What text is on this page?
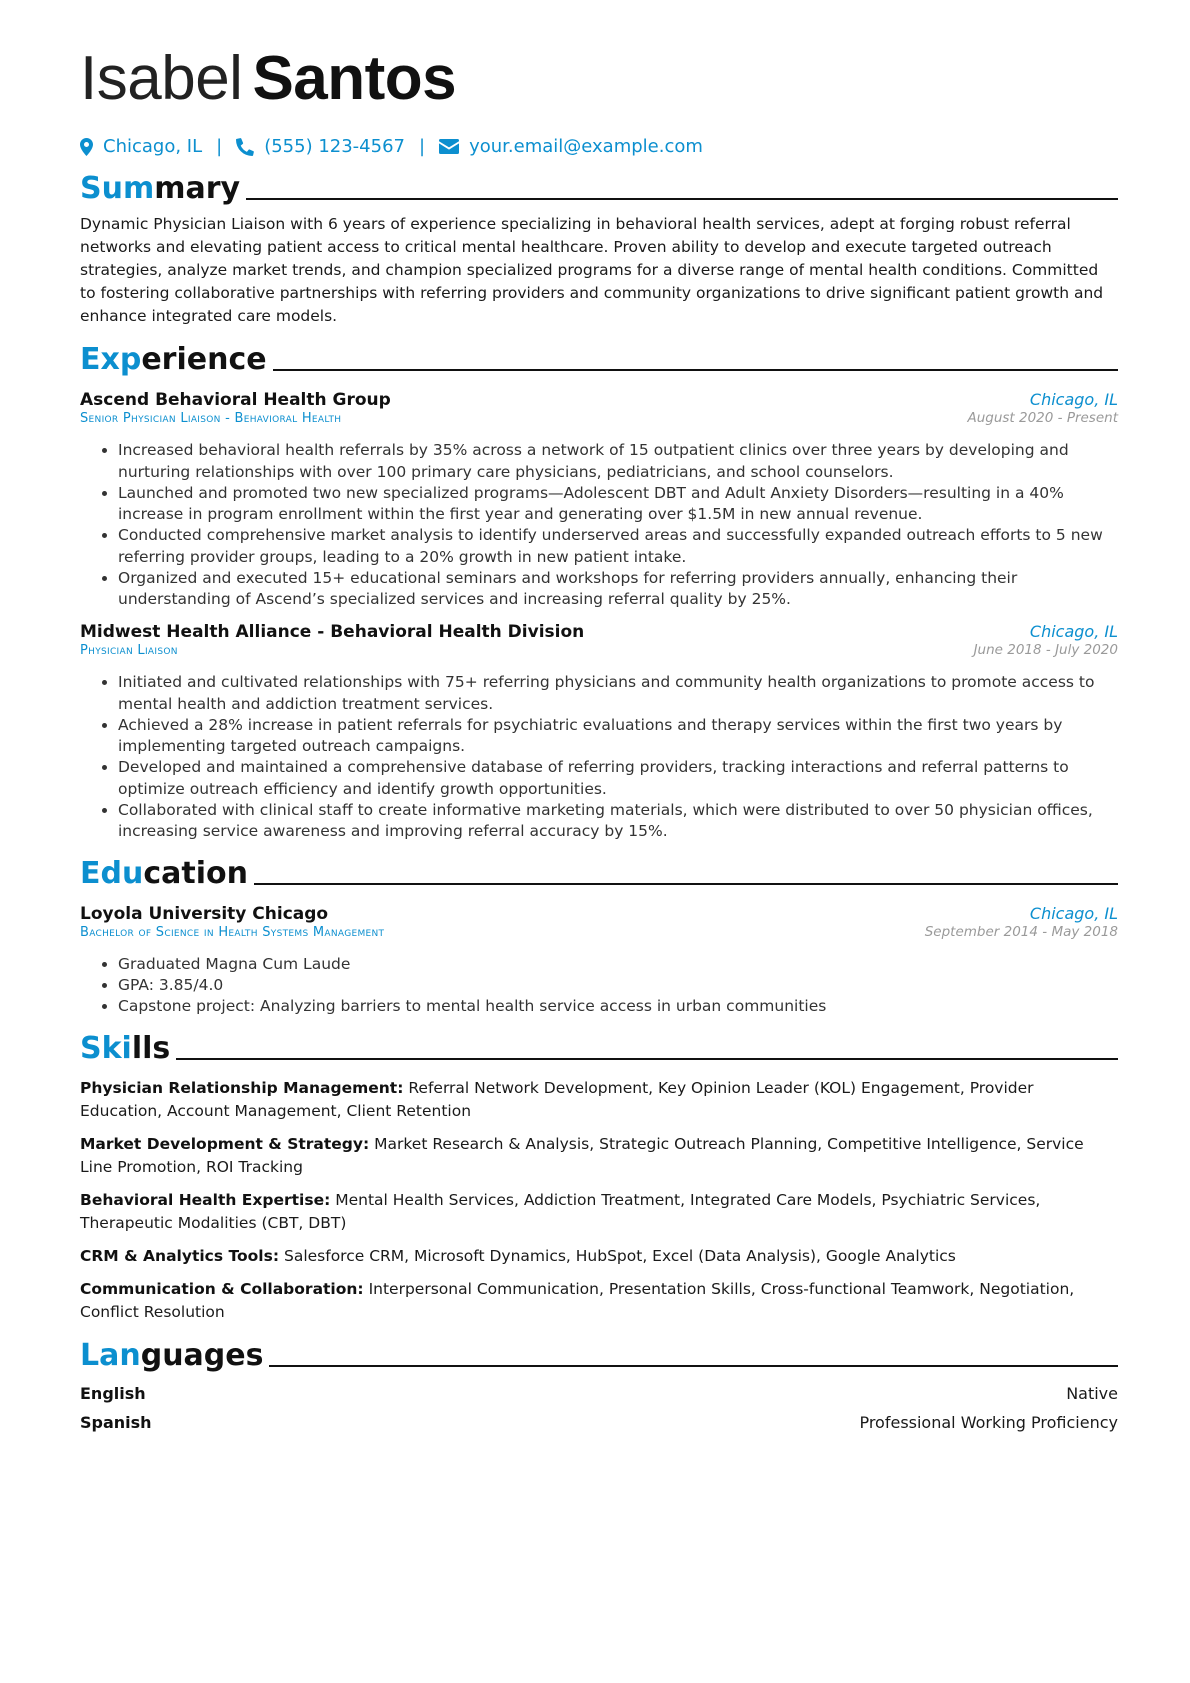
Isabel Santos
Chicago, IL | (555) 123-4567 | your.email@example.com
Summary

Dynamic Physician Liaison with 6 years of experience specializing in behavioral health services, adept at forging robust referral networks and elevating patient access to critical mental healthcare. Proven ability to develop and execute targeted outreach strategies, analyze market trends, and champion specialized programs for a diverse range of mental health conditions. Committed to fostering collaborative partnerships with referring providers and community organizations to drive significant patient growth and enhance integrated care models.

Experience
Ascend Behavioral Health Group	Chicago, IL
Senior Physician Liaison - Behavioral Health	August 2020 - Present
• Increased behavioral health referrals by 35% across a network of 15 outpatient clinics over three years by developing and nurturing relationships with over 100 primary care physicians, pediatricians, and school counselors.
• Launched and promoted two new specialized programs—Adolescent DBT and Adult Anxiety Disorders—resulting in a 40% increase in program enrollment within the first year and generating over $1.5M in new annual revenue.
• Conducted comprehensive market analysis to identify underserved areas and successfully expanded outreach efforts to 5 new referring provider groups, leading to a 20% growth in new patient intake.
• Organized and executed 15+ educational seminars and workshops for referring providers annually, enhancing their understanding of Ascend’s specialized services and increasing referral quality by 25%.
Midwest Health Alliance - Behavioral Health Division	Chicago, IL
Physician Liaison	June 2018 - July 2020
• Initiated and cultivated relationships with 75+ referring physicians and community health organizations to promote access to mental health and addiction treatment services.
• Achieved a 28% increase in patient referrals for psychiatric evaluations and therapy services within the first two years by implementing targeted outreach campaigns.
• Developed and maintained a comprehensive database of referring providers, tracking interactions and referral patterns to optimize outreach efficiency and identify growth opportunities.
• Collaborated with clinical staff to create informative marketing materials, which were distributed to over 50 physician offices, increasing service awareness and improving referral accuracy by 15%.
Education
Loyola University Chicago	Chicago, IL
Bachelor of Science in Health Systems Management	September 2014 - May 2018
• Graduated Magna Cum Laude
• GPA: 3.85/4.0
• Capstone project: Analyzing barriers to mental health service access in urban communities
Skills
Physician Relationship Management: Referral Network Development, Key Opinion Leader (KOL) Engagement, Provider Education, Account Management, Client Retention
Market Development & Strategy: Market Research & Analysis, Strategic Outreach Planning, Competitive Intelligence, Service Line Promotion, ROI Tracking
Behavioral Health Expertise: Mental Health Services, Addiction Treatment, Integrated Care Models, Psychiatric Services, Therapeutic Modalities (CBT, DBT)
CRM & Analytics Tools: Salesforce CRM, Microsoft Dynamics, HubSpot, Excel (Data Analysis), Google Analytics
Communication & Collaboration: Interpersonal Communication, Presentation Skills, Cross-functional Teamwork, Negotiation, Conflict Resolution
Languages
English	Native
Spanish	Professional Working Proficiency
